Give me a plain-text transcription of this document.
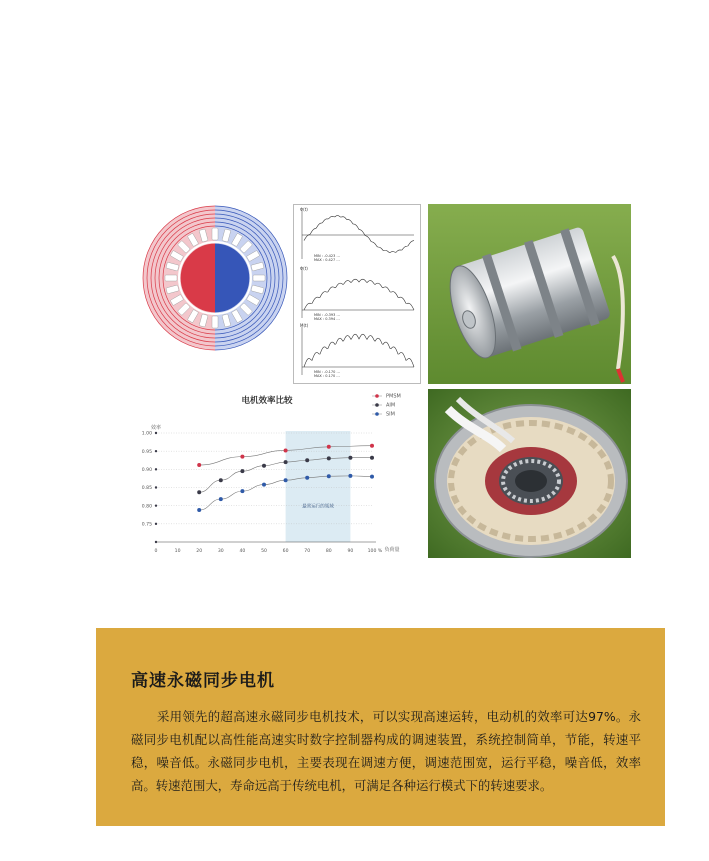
Φ(t)
MIN : -0.423 ...
MAX : 0.427 ...
Φ(t)
MIN : -0.393 ...
MAX : 0.394 ...
M(t)
MIN : -0.170 ...
MAX : 0.170 ...
电机效率比较
效率
负荷量
最常运行的领域
0.75
0.80
0.85
0.90
0.95
1.00
0	10	20	30	40	50	60	70	80	90	100 %
PMSM
AIM
SIM
高速永磁同步电机

采用领先的超高速永磁同步电机技术，可以实现高速运转，电动机的效率可达97%。永磁同步电机配以高性能高速实时数字控制器构成的调速装置，系统控制简单，节能，转速平稳，噪音低。永磁同步电机，主要表现在调速方便，调速范围宽，运行平稳，噪音低，效率高。转速范围大，寿命远高于传统电机，可满足各种运行模式下的转速要求。
